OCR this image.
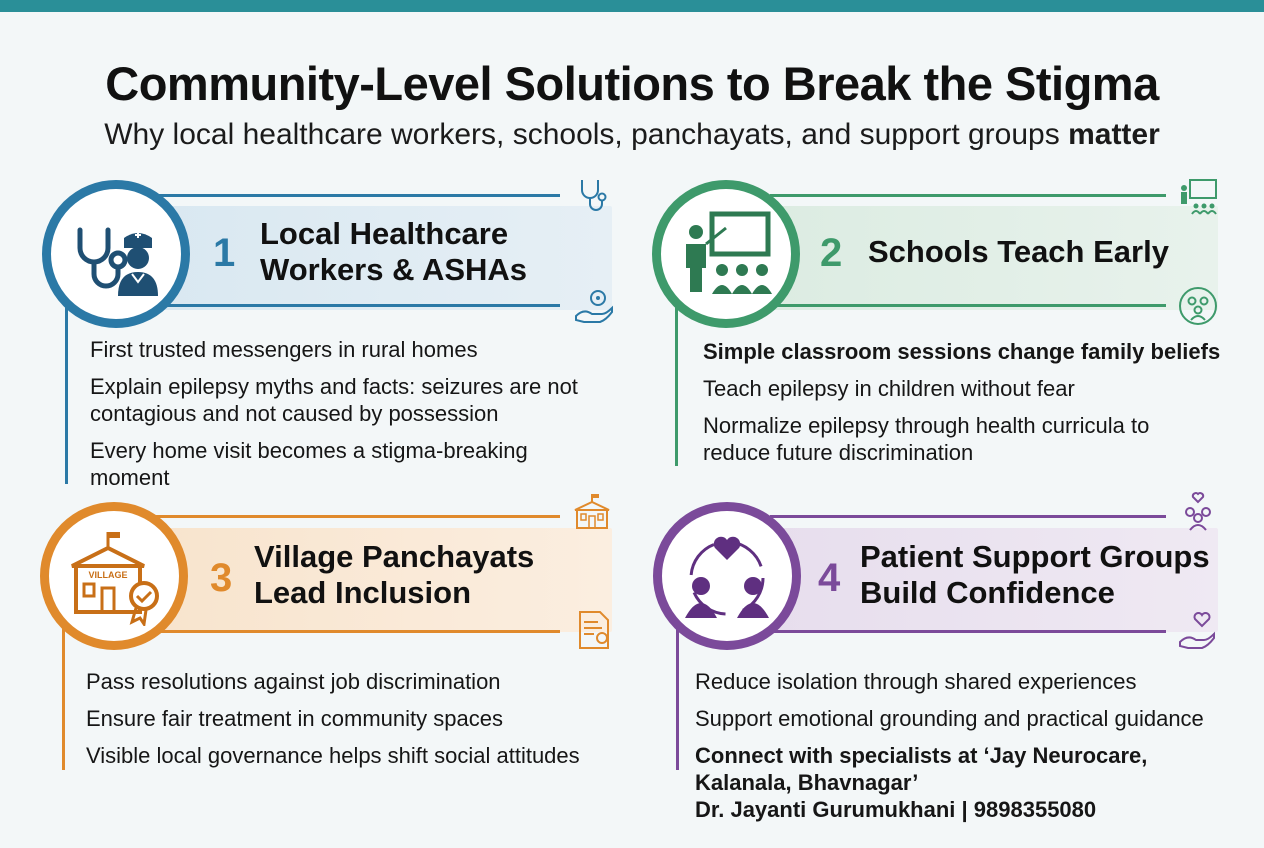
Community-Level Solutions to Break the Stigma
Why local healthcare workers, schools, panchayats, and support groups matter
1 Local Healthcare
Workers & ASHAs
First trusted messengers in rural homes
Explain epilepsy myths and facts: seizures are not contagious and not caused by possession
Every home visit becomes a stigma-breaking moment
2 Schools Teach Early
Simple classroom sessions change family beliefs
Teach epilepsy in children without fear
Normalize epilepsy through health curricula to reduce future discrimination
VILLAGE 3 Village Panchayats
Lead Inclusion
Pass resolutions against job discrimination
Ensure fair treatment in community spaces
Visible local governance helps shift social attitudes
4 Patient Support Groups
Build Confidence
Reduce isolation through shared experiences
Support emotional grounding and practical guidance
Connect with specialists at ‘Jay Neurocare,
Kalanala, Bhavnagar’
Dr. Jayanti Gurumukhani | 9898355080
